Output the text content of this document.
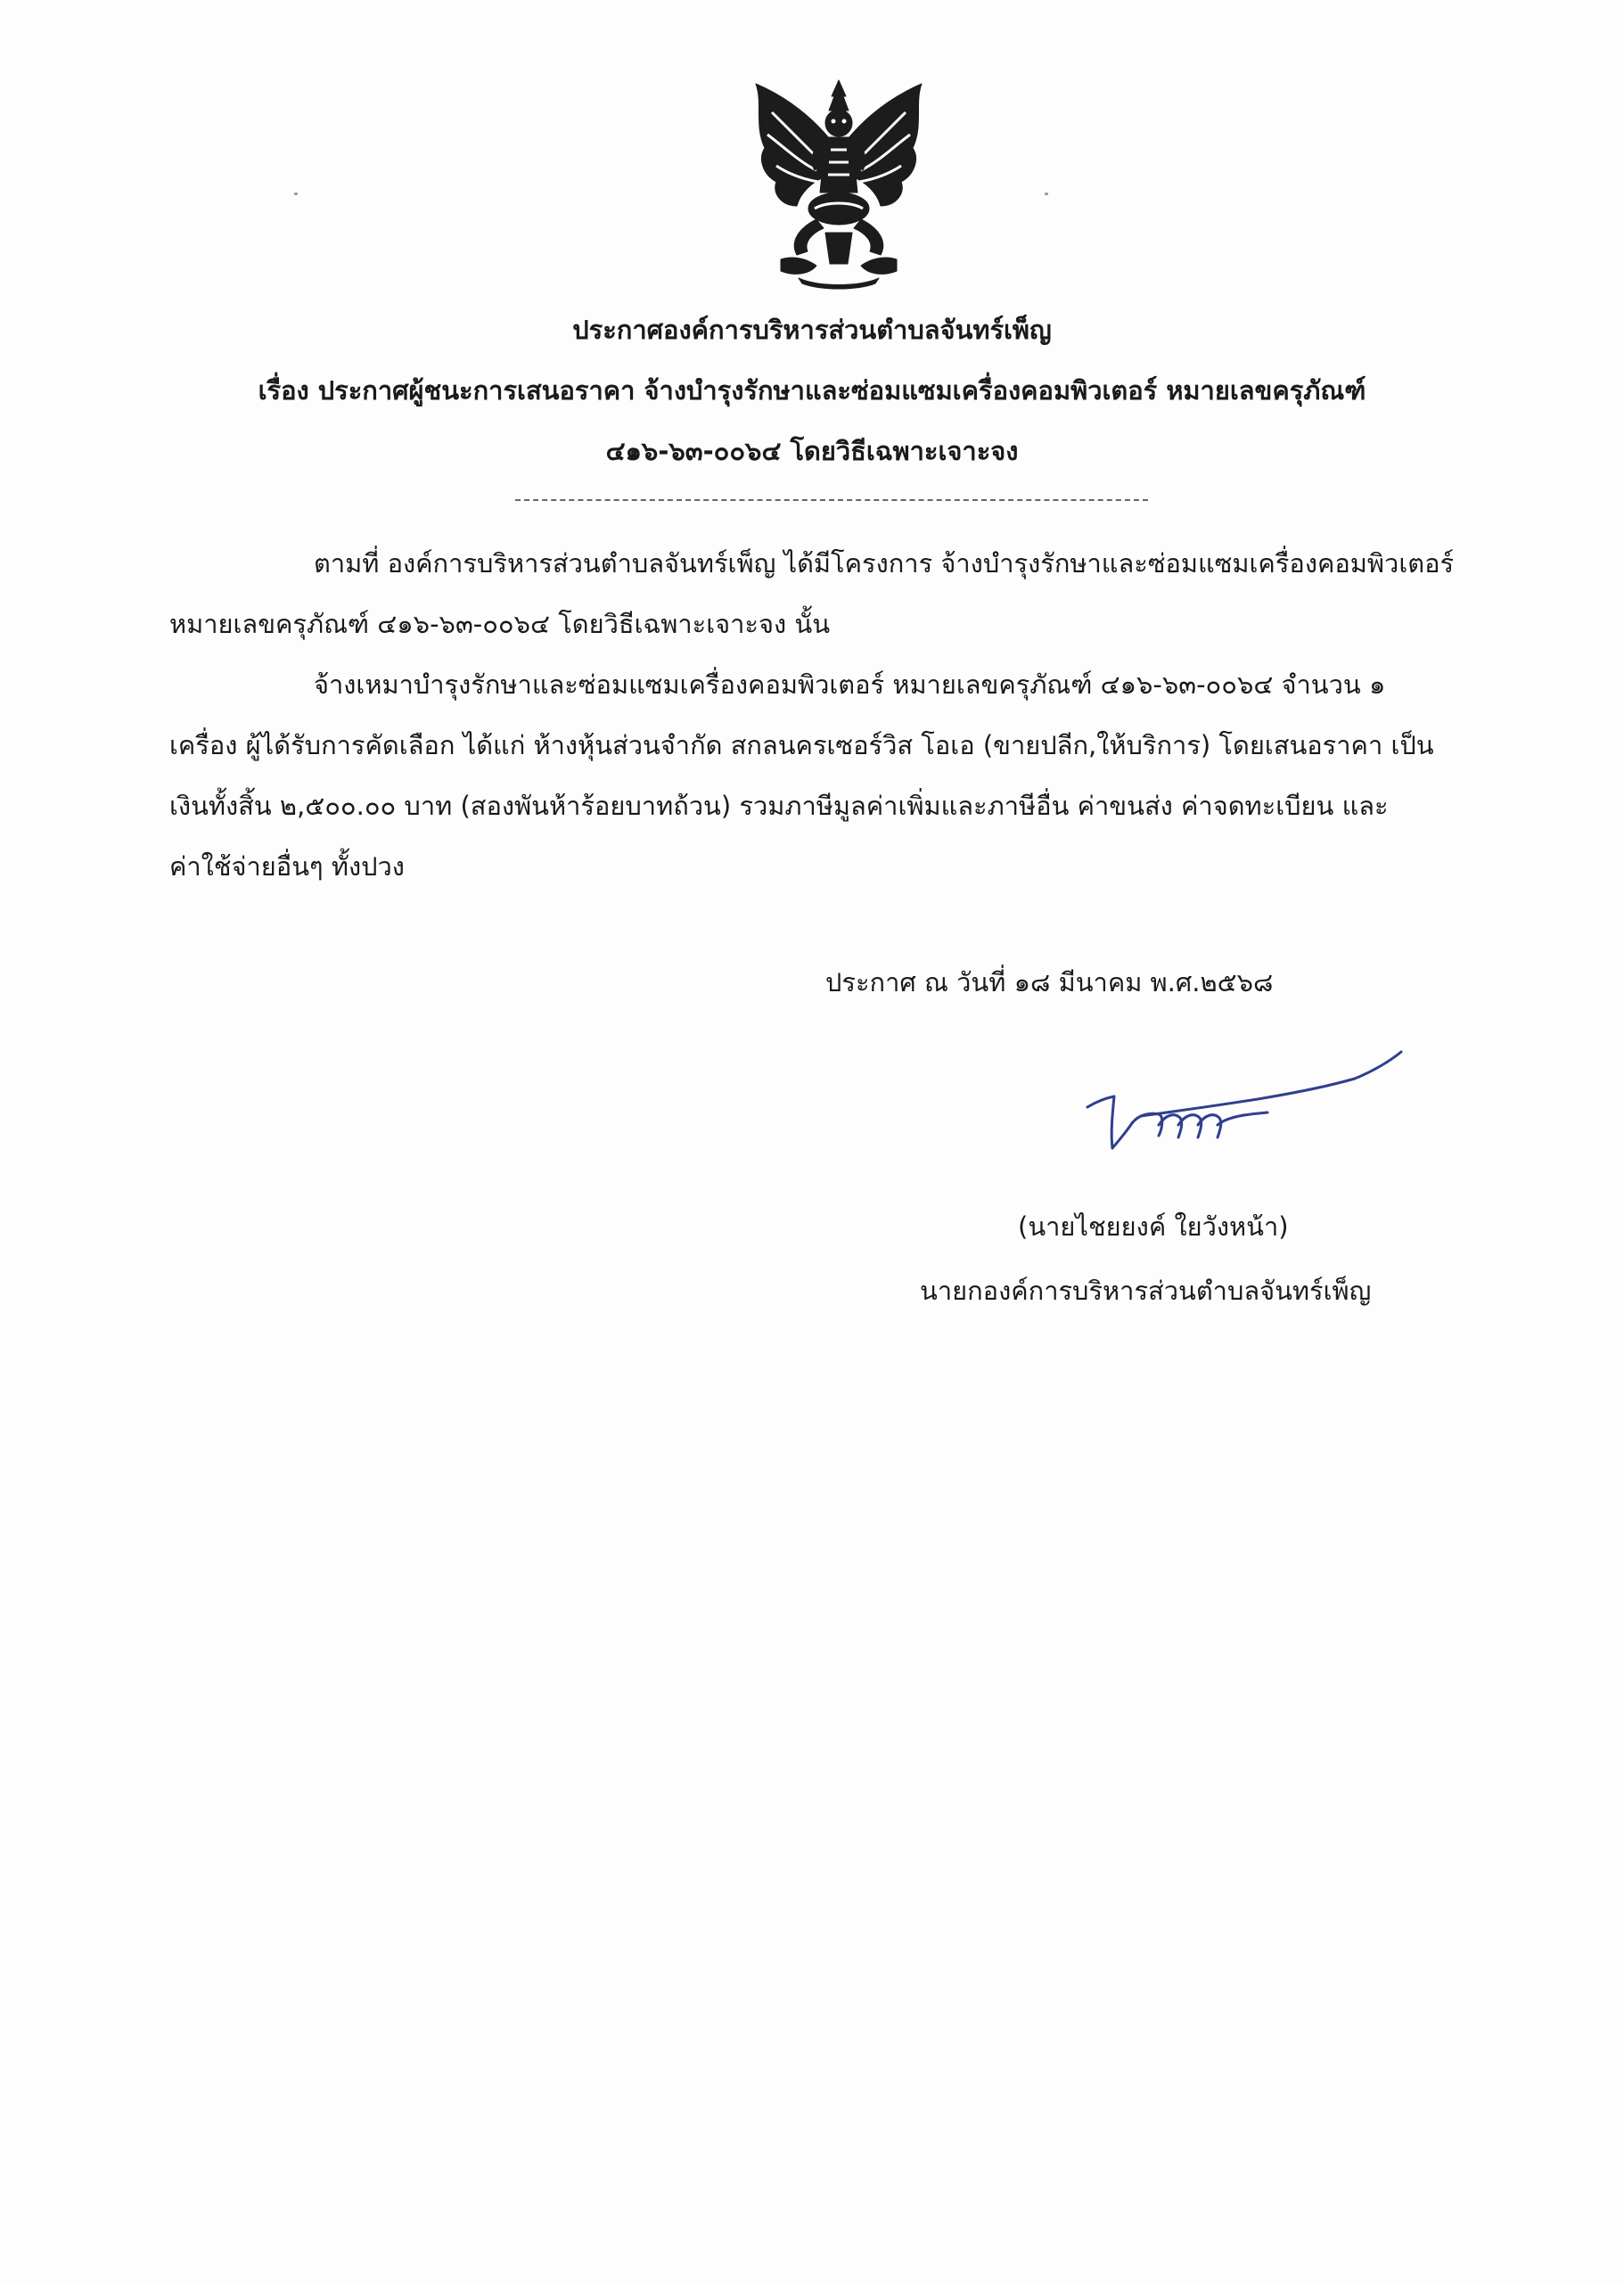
ประกาศองค์การบริหารส่วนตำบลจันทร์เพ็ญ
เรื่อง ประกาศผู้ชนะการเสนอราคา จ้างบำรุงรักษาและซ่อมแซมเครื่องคอมพิวเตอร์ หมายเลขครุภัณฑ์
๔๑๖-๖๓-๐๐๖๔ โดยวิธีเฉพาะเจาะจง
ตามที่ องค์การบริหารส่วนตำบลจันทร์เพ็ญ ได้มีโครงการ จ้างบำรุงรักษาและซ่อมแซมเครื่องคอมพิวเตอร์
หมายเลขครุภัณฑ์ ๔๑๖-๖๓-๐๐๖๔ โดยวิธีเฉพาะเจาะจง นั้น
จ้างเหมาบำรุงรักษาและซ่อมแซมเครื่องคอมพิวเตอร์ หมายเลขครุภัณฑ์ ๔๑๖-๖๓-๐๐๖๔ จำนวน ๑
เครื่อง ผู้ได้รับการคัดเลือก ได้แก่ ห้างหุ้นส่วนจำกัด สกลนครเซอร์วิส โอเอ (ขายปลีก,ให้บริการ) โดยเสนอราคา เป็น
เงินทั้งสิ้น ๒,๕๐๐.๐๐ บาท (สองพันห้าร้อยบาทถ้วน) รวมภาษีมูลค่าเพิ่มและภาษีอื่น ค่าขนส่ง ค่าจดทะเบียน และ
ค่าใช้จ่ายอื่นๆ ทั้งปวง
ประกาศ ณ วันที่ ๑๘ มีนาคม พ.ศ.๒๕๖๘
(นายไชยยงค์ ใยวังหน้า)
นายกองค์การบริหารส่วนตำบลจันทร์เพ็ญ
